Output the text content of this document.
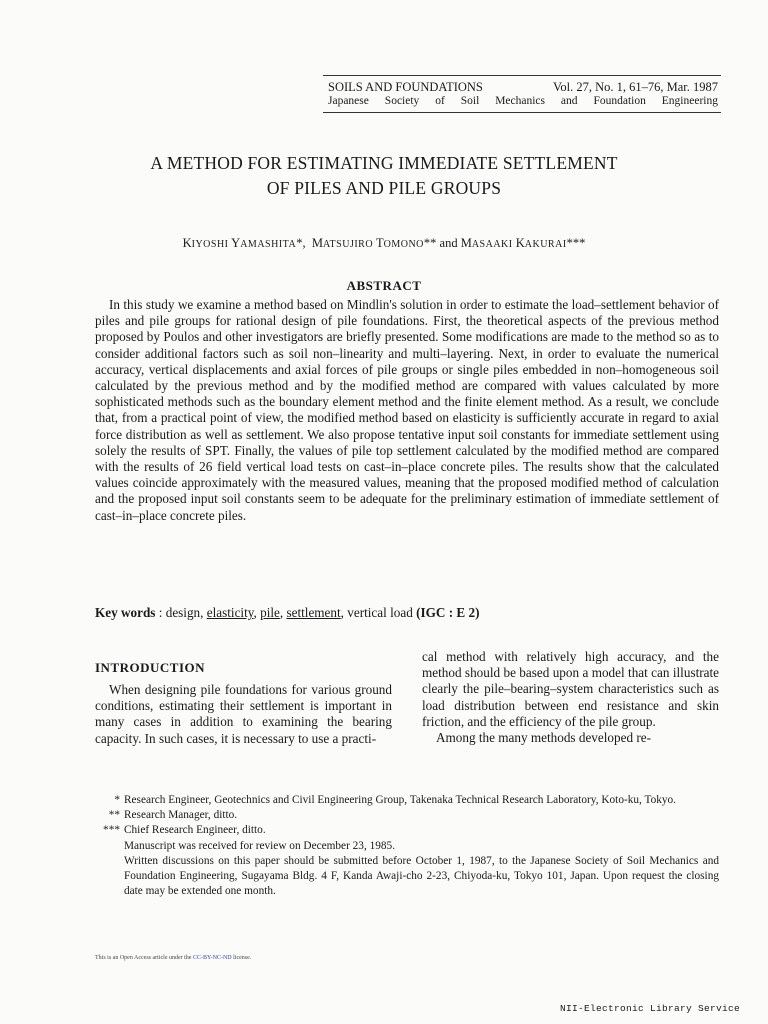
SOILS AND FOUNDATIONS	Vol. 27, No. 1, 61–76, Mar. 1987
Japanese Society of Soil Mechanics and Foundation Engineering
A METHOD FOR ESTIMATING IMMEDIATE SETTLEMENT
OF PILES AND PILE GROUPS
KIYOSHI YAMASHITA*, MATSUJIRO TOMONO** and MASAAKI KAKURAI***
ABSTRACT

In this study we examine a method based on Mindlin's solution in order to estimate the load–settlement behavior of piles and pile groups for rational design of pile foundations. First, the theoretical aspects of the previous method proposed by Poulos and other investigators are briefly presented. Some modifications are made to the method so as to consider additional factors such as soil non–linearity and multi–layering. Next, in order to evaluate the numerical accuracy, vertical displacements and axial forces of pile groups or single piles embedded in non–homogeneous soil calculated by the previous method and by the modified method are compared with values calculated by more sophisticated methods such as the boundary element method and the finite element method. As a result, we conclude that, from a practical point of view, the modified method based on elasticity is sufficiently accurate in regard to axial force distribution as well as settlement. We also propose tentative input soil constants for immediate settlement using solely the results of SPT. Finally, the values of pile top settlement calculated by the modified method are compared with the results of 26 field vertical load tests on cast–in–place concrete piles. The results show that the calculated values coincide approximately with the measured values, meaning that the proposed modified method of calculation and the proposed input soil constants seem to be adequate for the preliminary estimation of immediate settlement of cast–in–place concrete piles.

Key words : design, elasticity, pile, settlement, vertical load (IGC : E 2)
INTRODUCTION
When designing pile foundations for various ground conditions, estimating their settlement is important in many cases in addition to examining the bearing capacity. In such cases, it is necessary to use a practi-
cal method with relatively high accuracy, and the method should be based upon a model that can illustrate clearly the pile–bearing–system characteristics such as load distribution between end resistance and skin friction, and the efficiency of the pile group.
Among the many methods developed re-
* Research Engineer, Geotechnics and Civil Engineering Group, Takenaka Technical Research Laboratory, Koto-ku, Tokyo.
** Research Manager, ditto.
*** Chief Research Engineer, ditto.
Manuscript was received for review on December 23, 1985.
Written discussions on this paper should be submitted before October 1, 1987, to the Japanese Society of Soil Mechanics and Foundation Engineering, Sugayama Bldg. 4 F, Kanda Awaji-cho 2-23, Chiyoda-ku, Tokyo 101, Japan. Upon request the closing date may be extended one month.
This is an Open Access article under the CC-BY-NC-ND license.
NII-Electronic Library Service
